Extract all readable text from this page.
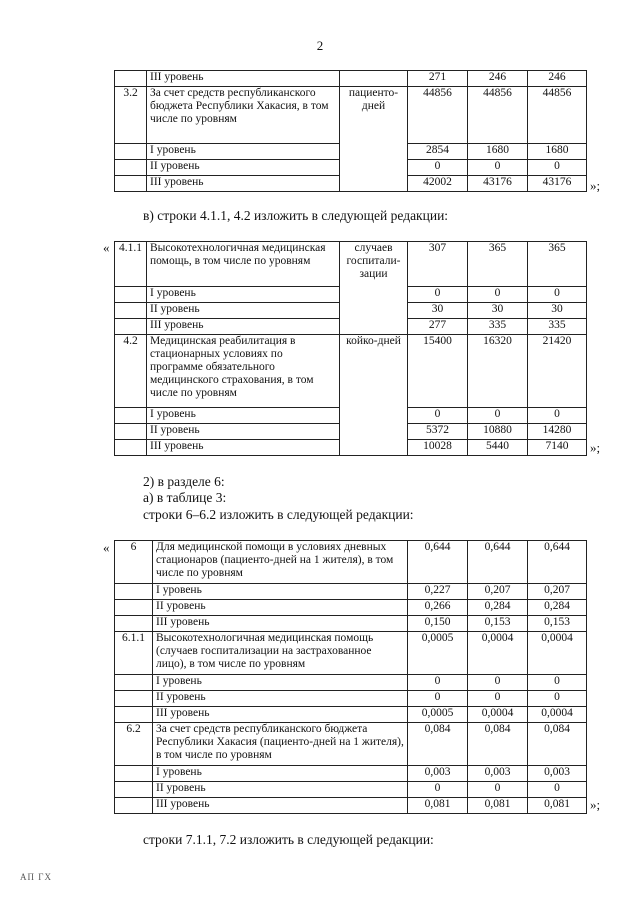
2
	III уровень		271	246	246
3.2	За счет средств республиканского бюджета Республики Хакасия, в том числе по уровням	пациенто-дней	44856	44856	44856
	I уровень		2854	1680	1680
	II уровень		0	0	0
	III уровень		42002	43176	43176 »;
в) строки 4.1.1, 4.2 изложить в следующей редакции:
« 4.1.1	Высокотехнологичная медицинская помощь, в том числе по уровням	случаев госпитали-зации	307	365	365
	I уровень		0	0	0
	II уровень		30	30	30
	III уровень		277	335	335
4.2	Медицинская реабилитация в стационарных условиях по программе обязательного медицинского страхования, в том числе по уровням	койко-дней	15400	16320	21420
	I уровень		0	0	0
	II уровень		5372	10880	14280
	III уровень		10028	5440	7140 »;
2) в разделе 6:
а) в таблице 3:
строки 6–6.2 изложить в следующей редакции:
« 6	Для медицинской помощи в условиях дневных стационаров (пациенто-дней на 1 жителя), в том числе по уровням	0,644	0,644	0,644
	I уровень	0,227	0,207	0,207
	II уровень	0,266	0,284	0,284
	III уровень	0,150	0,153	0,153
6.1.1	Высокотехнологичная медицинская помощь (случаев госпитализации на застрахованное лицо), в том числе по уровням	0,0005	0,0004	0,0004
	I уровень	0	0	0
	II уровень	0	0	0
	III уровень	0,0005	0,0004	0,0004
6.2	За счет средств республиканского бюджета Республики Хакасия (пациенто-дней на 1 жителя), в том числе по уровням	0,084	0,084	0,084
	I уровень	0,003	0,003	0,003
	II уровень	0	0	0
	III уровень	0,081	0,081	0,081 »;
строки 7.1.1, 7.2 изложить в следующей редакции:
АП ГХ
